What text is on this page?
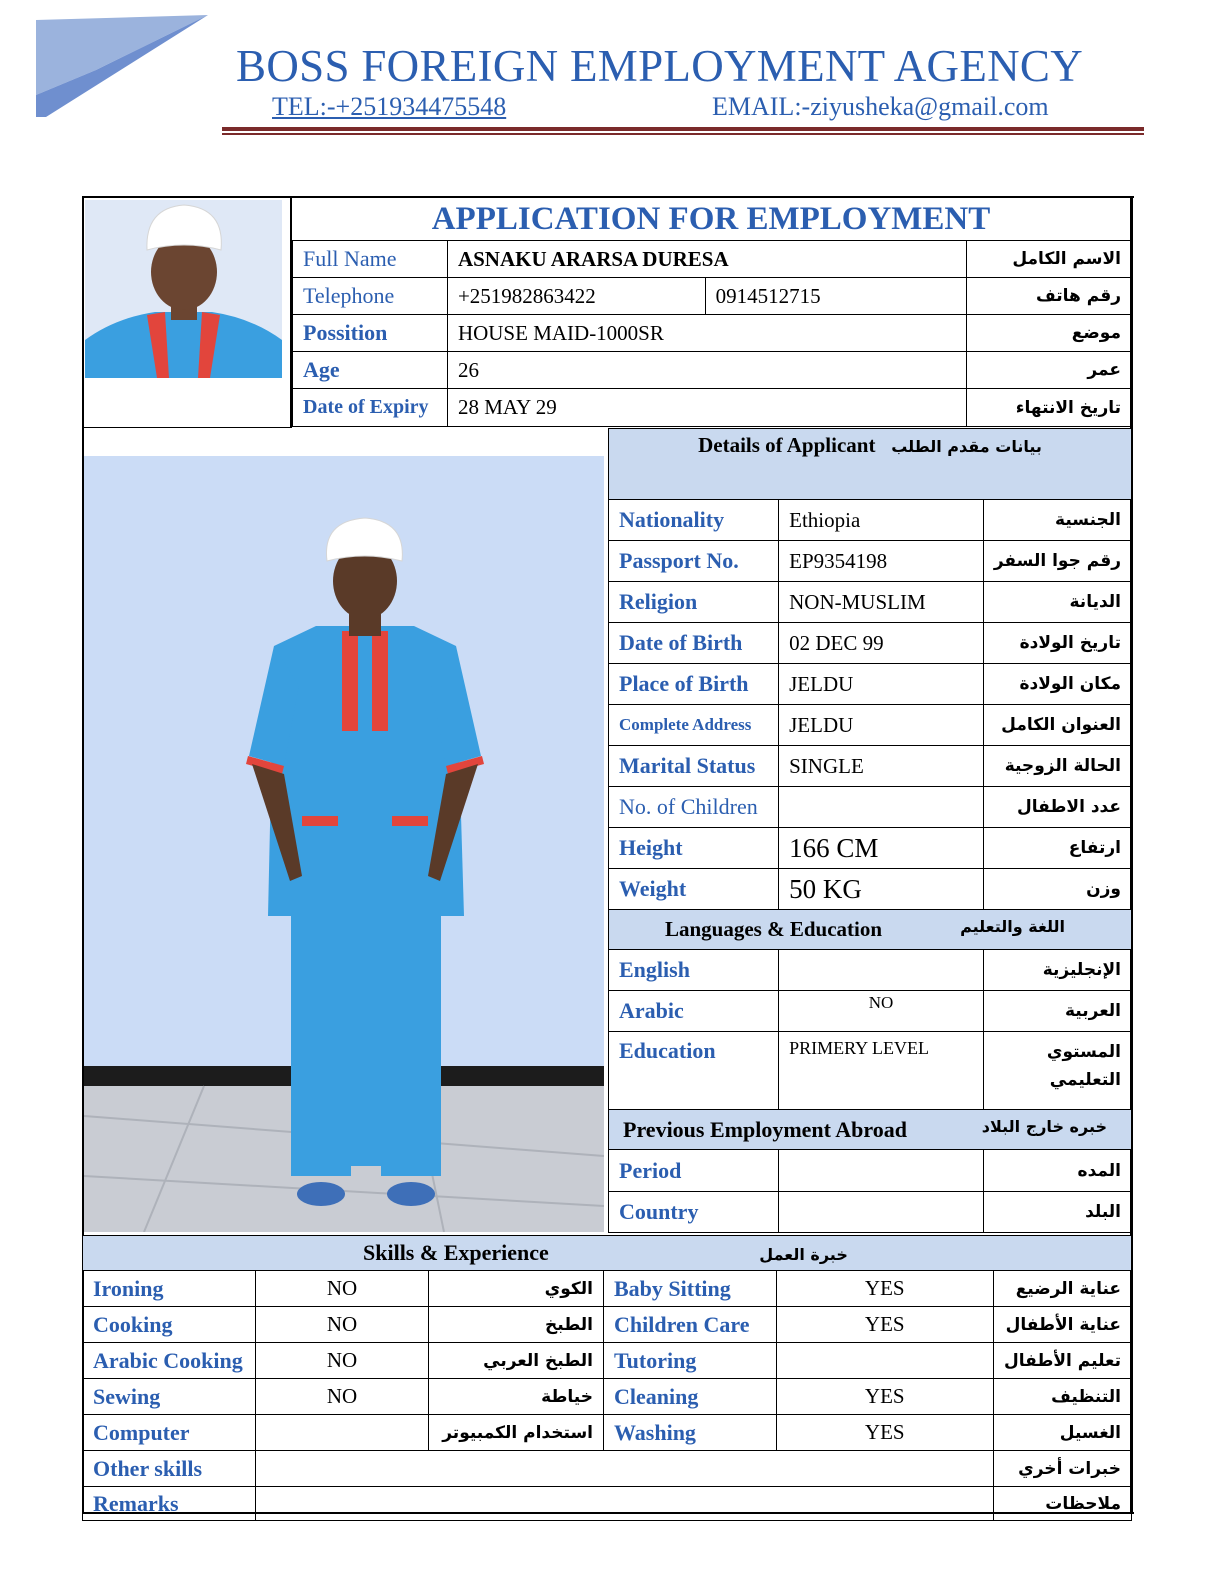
BOSS FOREIGN EMPLOYMENT AGENCY
TEL:-+251934475548	EMAIL:-ziyusheka@gmail.com
APPLICATION FOR EMPLOYMENT
Full Name	ASNAKU ARARSA DURESA		الاسم الكامل
Telephone	+251982863422	0914512715	رقم هاتف
Possition	HOUSE MAID-1000SR		موضع
Age	26		عمر
Date of Expiry	28 MAY 29		تاريخ الانتهاء
Details of Applicant بيانات مقدم الطلب		
Nationality	Ethiopia	الجنسية
Passport No.	EP9354198	رقم جوا السفر
Religion	NON-MUSLIM	الديانة
Date of Birth	02 DEC 99	تاريخ الولادة
Place of Birth	JELDU	مكان الولادة
Complete Address	JELDU	العنوان الكامل
Marital Status	SINGLE	الحالة الزوجية
No. of Children		عدد الاطفال
Height	166 CM	ارتفاع
Weight	50 KG	وزن
Languages & Education اللغة والتعليم		

English		الإنجليزية
Arabic	NO	العربية
Education	PRIMERY LEVEL	المستوي التعليمي
Previous Employment Abroad خبره خارج البلاد		

Period		المده
Country		البلد
Skills & Experience خبرة العمل					
Ironing	NO	الكوي	Baby Sitting	YES	عناية الرضيع
Cooking	NO	الطبخ	Children Care	YES	عناية الأطفال
Arabic Cooking	NO	الطبخ العربي	Tutoring		تعليم الأطفال
Sewing	NO	خياطة	Cleaning	YES	التنظيف
Computer		استخدام الكمبيوتر	Washing	YES	الغسيل
Other skills					خبرات أخري
Remarks					ملاحظات
